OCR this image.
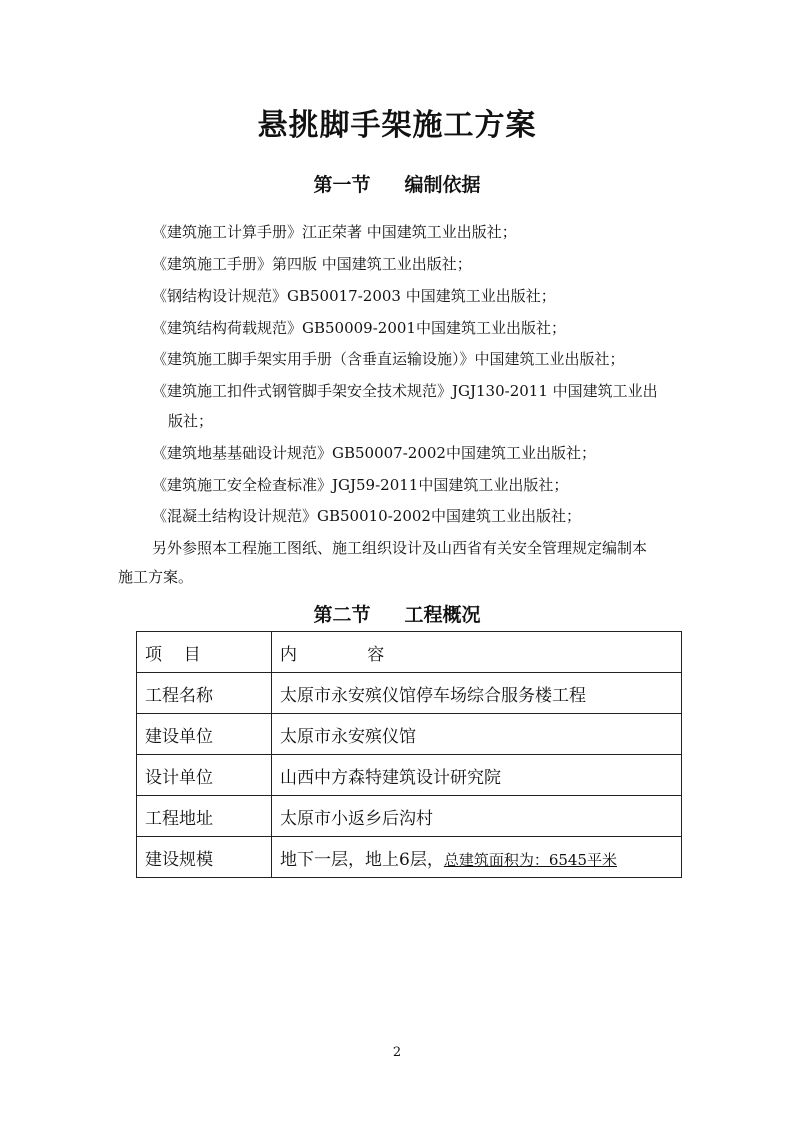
悬挑脚手架施工方案
第一节 编制依据
《建筑施工计算手册》江正荣著 中国建筑工业出版社；
《建筑施工手册》第四版 中国建筑工业出版社；
《钢结构设计规范》GB50017-2003 中国建筑工业出版社；
《建筑结构荷载规范》GB50009-2001中国建筑工业出版社；
《建筑施工脚手架实用手册（含垂直运输设施）》中国建筑工业出版社；
《建筑施工扣件式钢管脚手架安全技术规范》JGJ130-2011 中国建筑工业出
版社；
《建筑地基基础设计规范》GB50007-2002中国建筑工业出版社；
《建筑施工安全检查标准》JGJ59-2011中国建筑工业出版社；
《混凝土结构设计规范》GB50010-2002中国建筑工业出版社；
另外参照本工程施工图纸、施工组织设计及山西省有关安全管理规定编制本
施工方案。
第二节 工程概况
项    目	内             容
工程名称	太原市永安殡仪馆停车场综合服务楼工程
建设单位	太原市永安殡仪馆
设计单位	山西中方森特建筑设计研究院
工程地址	太原市小返乡后沟村
建设规模	地下一层，地上6层，总建筑面积为：6545平米
2
